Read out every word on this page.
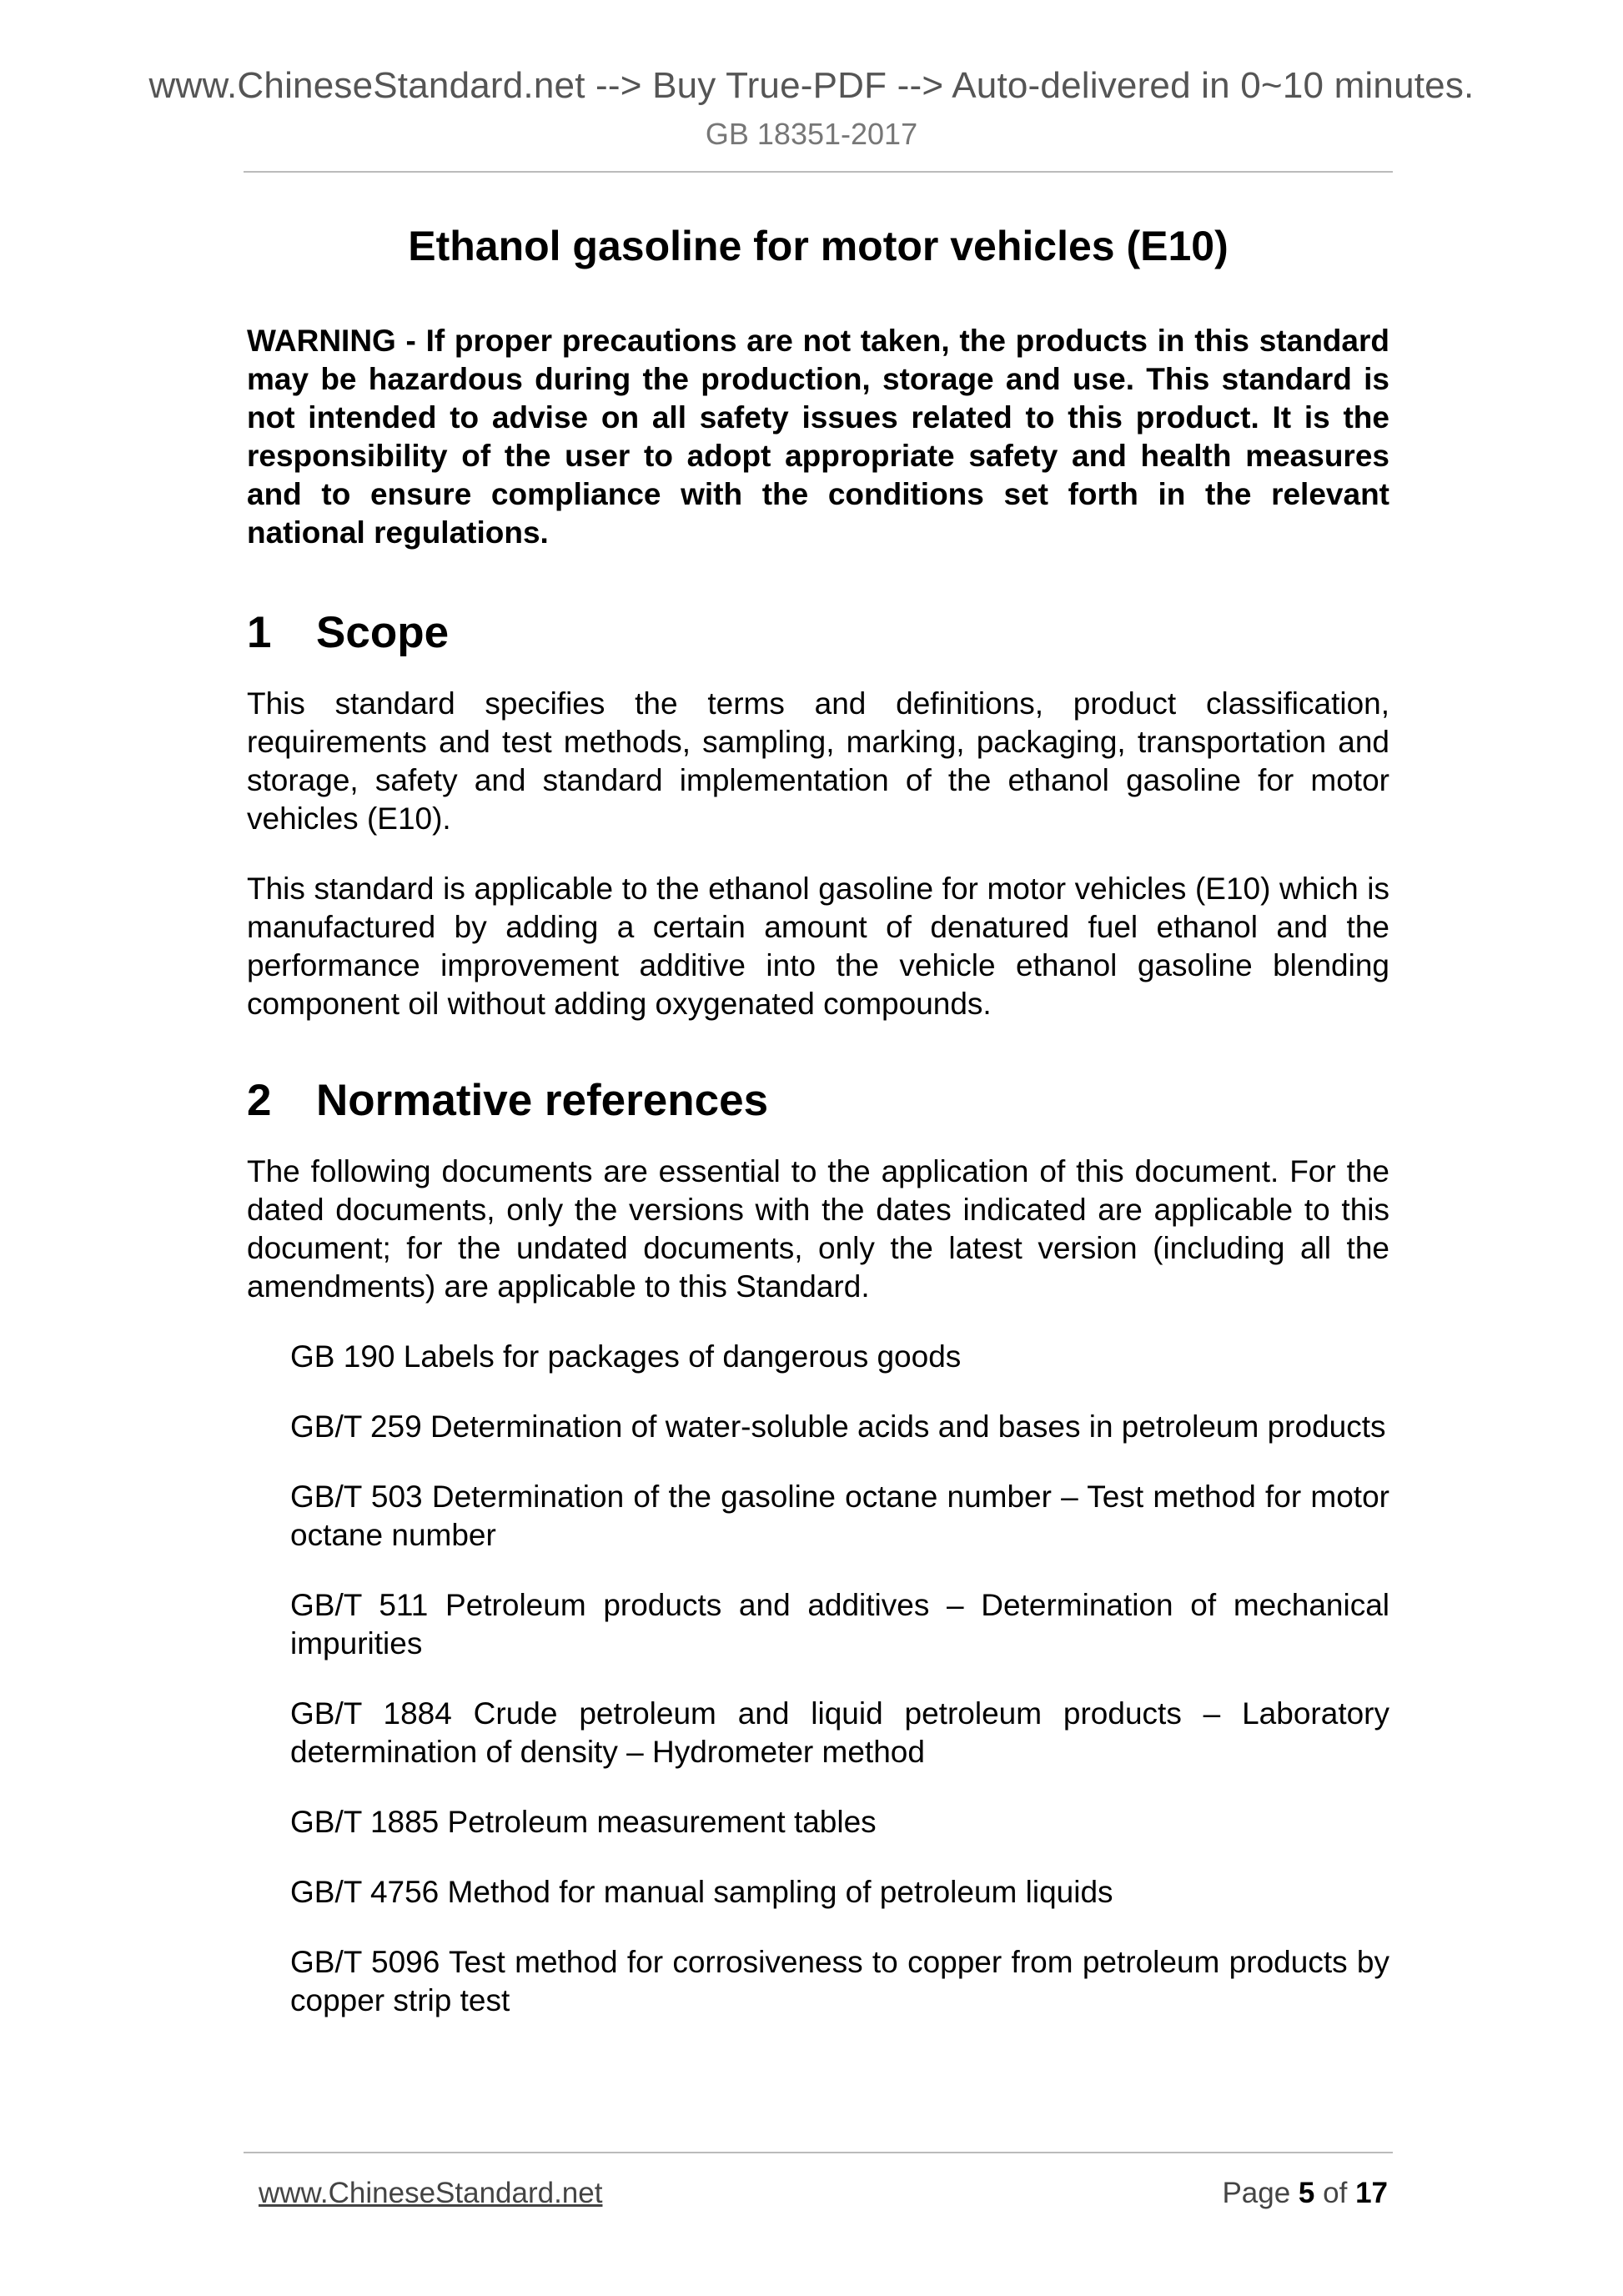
www.ChineseStandard.net --> Buy True-PDF --> Auto-delivered in 0~10 minutes.
GB 18351-2017
Ethanol gasoline for motor vehicles (E10)

WARNING - If proper precautions are not taken, the products in this standard may be hazardous during the production, storage and use. This standard is not intended to advise on all safety issues related to this product. It is the responsibility of the user to adopt appropriate safety and health measures and to ensure compliance with the conditions set forth in the relevant national regulations.

1 Scope

This standard specifies the terms and definitions, product classification, requirements and test methods, sampling, marking, packaging, transportation and storage, safety and standard implementation of the ethanol gasoline for motor vehicles (E10).

This standard is applicable to the ethanol gasoline for motor vehicles (E10) which is manufactured by adding a certain amount of denatured fuel ethanol and the performance improvement additive into the vehicle ethanol gasoline blending component oil without adding oxygenated compounds.

2 Normative references

The following documents are essential to the application of this document. For the dated documents, only the versions with the dates indicated are applicable to this document; for the undated documents, only the latest version (including all the amendments) are applicable to this Standard.

GB 190 Labels for packages of dangerous goods

GB/T 259 Determination of water-soluble acids and bases in petroleum products

GB/T 503 Determination of the gasoline octane number – Test method for motor octane number

GB/T 511 Petroleum products and additives – Determination of mechanical impurities

GB/T 1884 Crude petroleum and liquid petroleum products – Laboratory determination of density – Hydrometer method

GB/T 1885 Petroleum measurement tables

GB/T 4756 Method for manual sampling of petroleum liquids

GB/T 5096 Test method for corrosiveness to copper from petroleum products by copper strip test

www.ChineseStandard.net	Page 5 of 17
